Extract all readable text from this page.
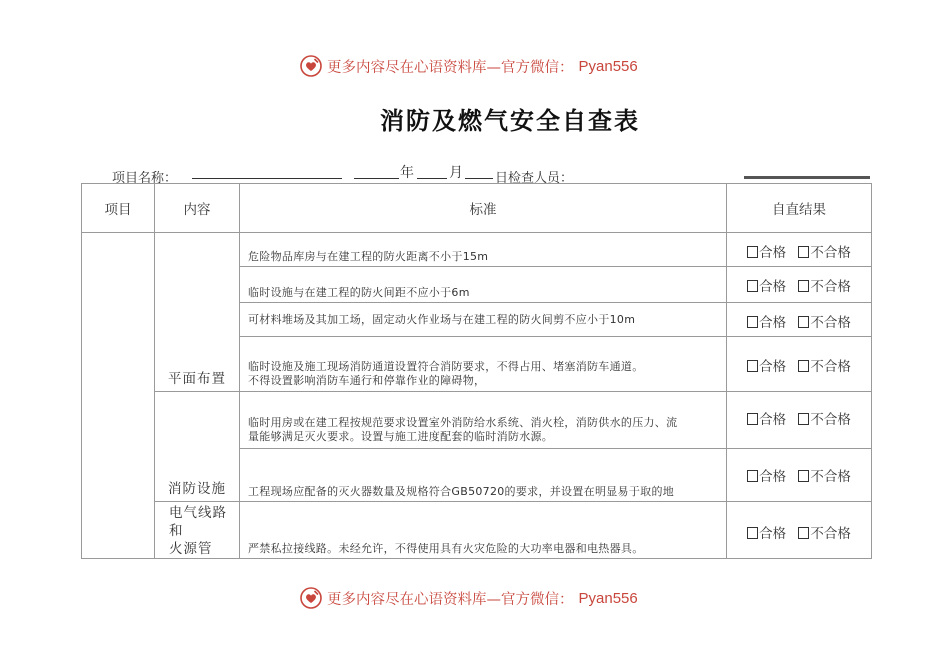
更多内容尽在心语资料库—官方微信： Pyan556
消防及燃气安全自查表
项目名称：	年	月 日检查人员：
项目	内容	标准	自直结果
	平面布置	危险物品库房与在建工程的防火距离不小于15m	合格 不合格
		临时设施与在建工程的防火间距不应小于6m	合格 不合格
		可材料堆场及其加工场，固定动火作业场与在建工程的防火间剪不应小于10m	合格 不合格

		临时设施及施工现场消防通道设置符合消防要求，不得占用、堵塞消防车通道。
不得设置影响消防车通行和停靠作业的障碍物，	合格 不合格
	消防设施	临时用房或在建工程按规范要求设置室外消防给水系统、消火栓，消防供水的压力、流
量能够满足灭火要求。设置与施工进度配套的临时消防水源。	合格 不合格
		工程现场应配备的灭火器数量及规格符合GB50720的要求，并设置在明显易于取的地	合格 不合格

	电气线路和
火源管	严禁私拉接线路。未经允许，不得使用具有火灾危险的大功率电器和电热器具。	合格 不合格
更多内容尽在心语资料库—官方微信： Pyan556
